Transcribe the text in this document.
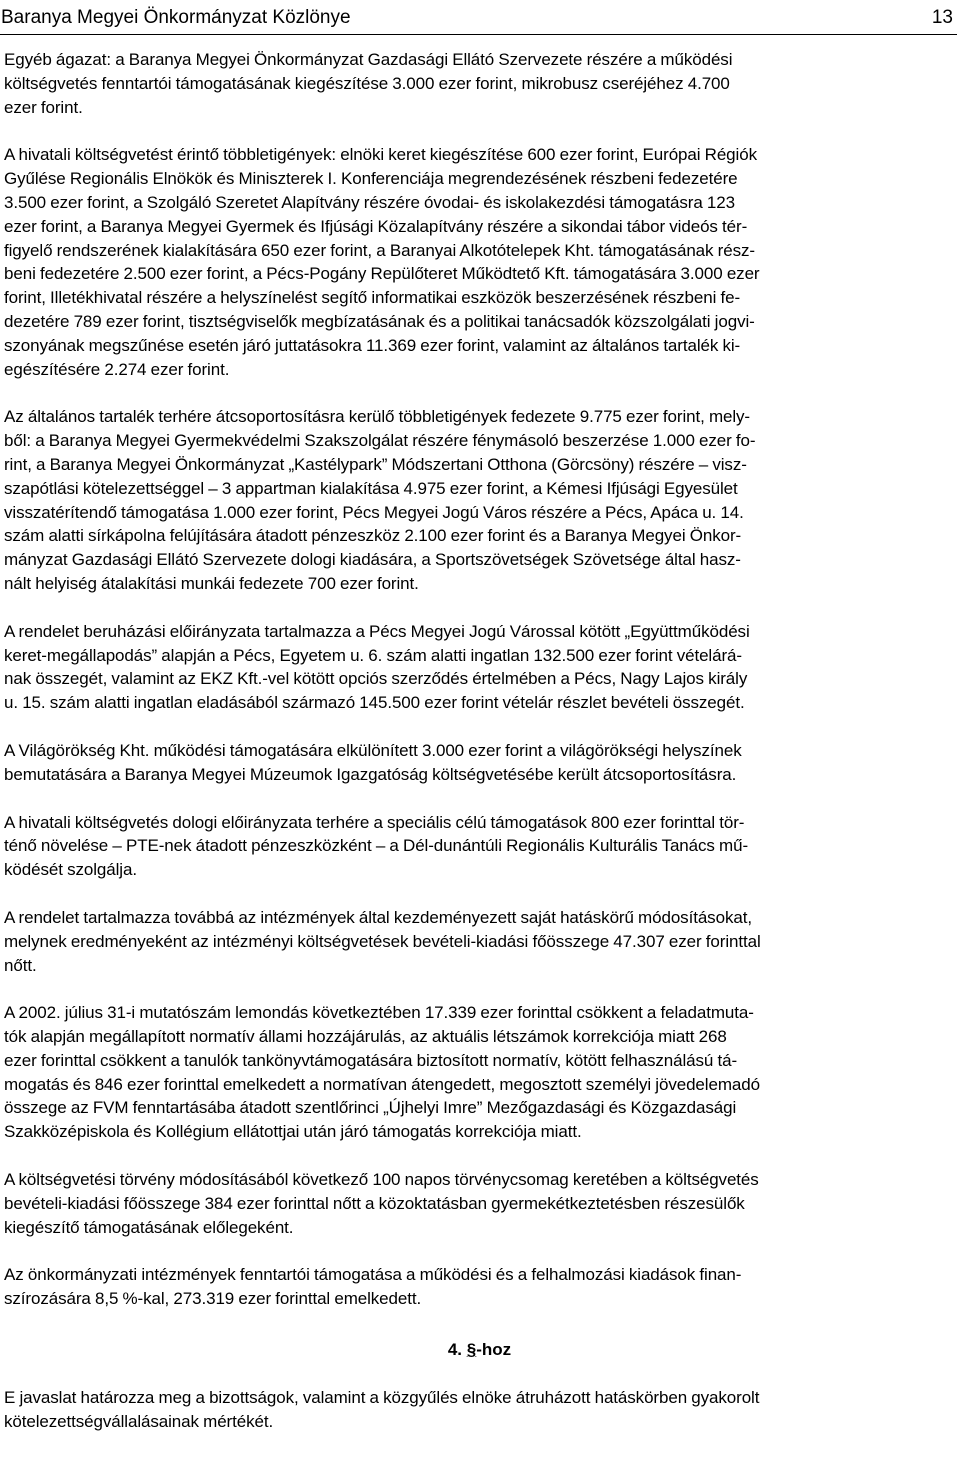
Baranya Megyei Önkormányzat Közlönye	13
Egyéb ágazat: a Baranya Megyei Önkormányzat Gazdasági Ellátó Szervezete részére a működési
költségvetés fenntartói támogatásának kiegészítése 3.000 ezer forint, mikrobusz cseréjéhez 4.700
ezer forint.
A hivatali költségvetést érintő többletigények: elnöki keret kiegészítése 600 ezer forint, Európai Régiók
Gyűlése Regionális Elnökök és Miniszterek I. Konferenciája megrendezésének részbeni fedezetére
3.500 ezer forint, a Szolgáló Szeretet Alapítvány részére óvodai- és iskolakezdési támogatásra 123
ezer forint, a Baranya Megyei Gyermek és Ifjúsági Közalapítvány részére a sikondai tábor videós tér-
figyelő rendszerének kialakítására 650 ezer forint, a Baranyai Alkotótelepek Kht. támogatásának rész-
beni fedezetére 2.500 ezer forint, a Pécs-Pogány Repülőteret Működtető Kft. támogatására 3.000 ezer
forint, Illetékhivatal részére a helyszínelést segítő informatikai eszközök beszerzésének részbeni fe-
dezetére 789 ezer forint, tisztségviselők megbízatásának és a politikai tanácsadók közszolgálati jogvi-
szonyának megszűnése esetén járó juttatásokra 11.369 ezer forint, valamint az általános tartalék ki-
egészítésére 2.274 ezer forint.
Az általános tartalék terhére átcsoportosításra kerülő többletigények fedezete 9.775 ezer forint, mely-
ből: a Baranya Megyei Gyermekvédelmi Szakszolgálat részére fénymásoló beszerzése 1.000 ezer fo-
rint, a Baranya Megyei Önkormányzat „Kastélypark” Módszertani Otthona (Görcsöny) részére – visz-
szapótlási kötelezettséggel – 3 appartman kialakítása 4.975 ezer forint, a Kémesi Ifjúsági Egyesület
visszatérítendő támogatása 1.000 ezer forint, Pécs Megyei Jogú Város részére a Pécs, Apáca u. 14.
szám alatti sírkápolna felújítására átadott pénzeszköz 2.100 ezer forint és a Baranya Megyei Önkor-
mányzat Gazdasági Ellátó Szervezete dologi kiadására, a Sportszövetségek Szövetsége által hasz-
nált helyiség átalakítási munkái fedezete 700 ezer forint.
A rendelet beruházási előirányzata tartalmazza a Pécs Megyei Jogú Várossal kötött „Együttműködési
keret-megállapodás” alapján a Pécs, Egyetem u. 6. szám alatti ingatlan 132.500 ezer forint vételárá-
nak összegét, valamint az EKZ Kft.-vel kötött opciós szerződés értelmében a Pécs, Nagy Lajos király
u. 15. szám alatti ingatlan eladásából származó 145.500 ezer forint vételár részlet bevételi összegét.
A Világörökség Kht. működési támogatására elkülönített 3.000 ezer forint a világörökségi helyszínek
bemutatására a Baranya Megyei Múzeumok Igazgatóság költségvetésébe került átcsoportosításra.
A hivatali költségvetés dologi előirányzata terhére a speciális célú támogatások 800 ezer forinttal tör-
ténő növelése – PTE-nek átadott pénzeszközként – a Dél-dunántúli Regionális Kulturális Tanács mű-
ködését szolgálja.
A rendelet tartalmazza továbbá az intézmények által kezdeményezett saját hatáskörű módosításokat,
melynek eredményeként az intézményi költségvetések bevételi-kiadási főösszege 47.307 ezer forinttal
nőtt.
A 2002. július 31-i mutatószám lemondás következtében 17.339 ezer forinttal csökkent a feladatmuta-
tók alapján megállapított normatív állami hozzájárulás, az aktuális létszámok korrekciója miatt 268
ezer forinttal csökkent a tanulók tankönyvtámogatására biztosított normatív, kötött felhasználású tá-
mogatás és 846 ezer forinttal emelkedett a normatívan átengedett, megosztott személyi jövedelemadó
összege az FVM fenntartásába átadott szentlőrinci „Újhelyi Imre” Mezőgazdasági és Közgazdasági
Szakközépiskola és Kollégium ellátottjai után járó támogatás korrekciója miatt.
A költségvetési törvény módosításából következő 100 napos törvénycsomag keretében a költségvetés
bevételi-kiadási főösszege 384 ezer forinttal nőtt a közoktatásban gyermekétkeztetésben részesülők
kiegészítő támogatásának előlegeként.
Az önkormányzati intézmények fenntartói támogatása a működési és a felhalmozási kiadások finan-
szírozására 8,5 %-kal, 273.319 ezer forinttal emelkedett.
4. §-hoz
E javaslat határozza meg a bizottságok, valamint a közgyűlés elnöke átruházott hatáskörben gyakorolt
kötelezettségvállalásainak mértékét.
